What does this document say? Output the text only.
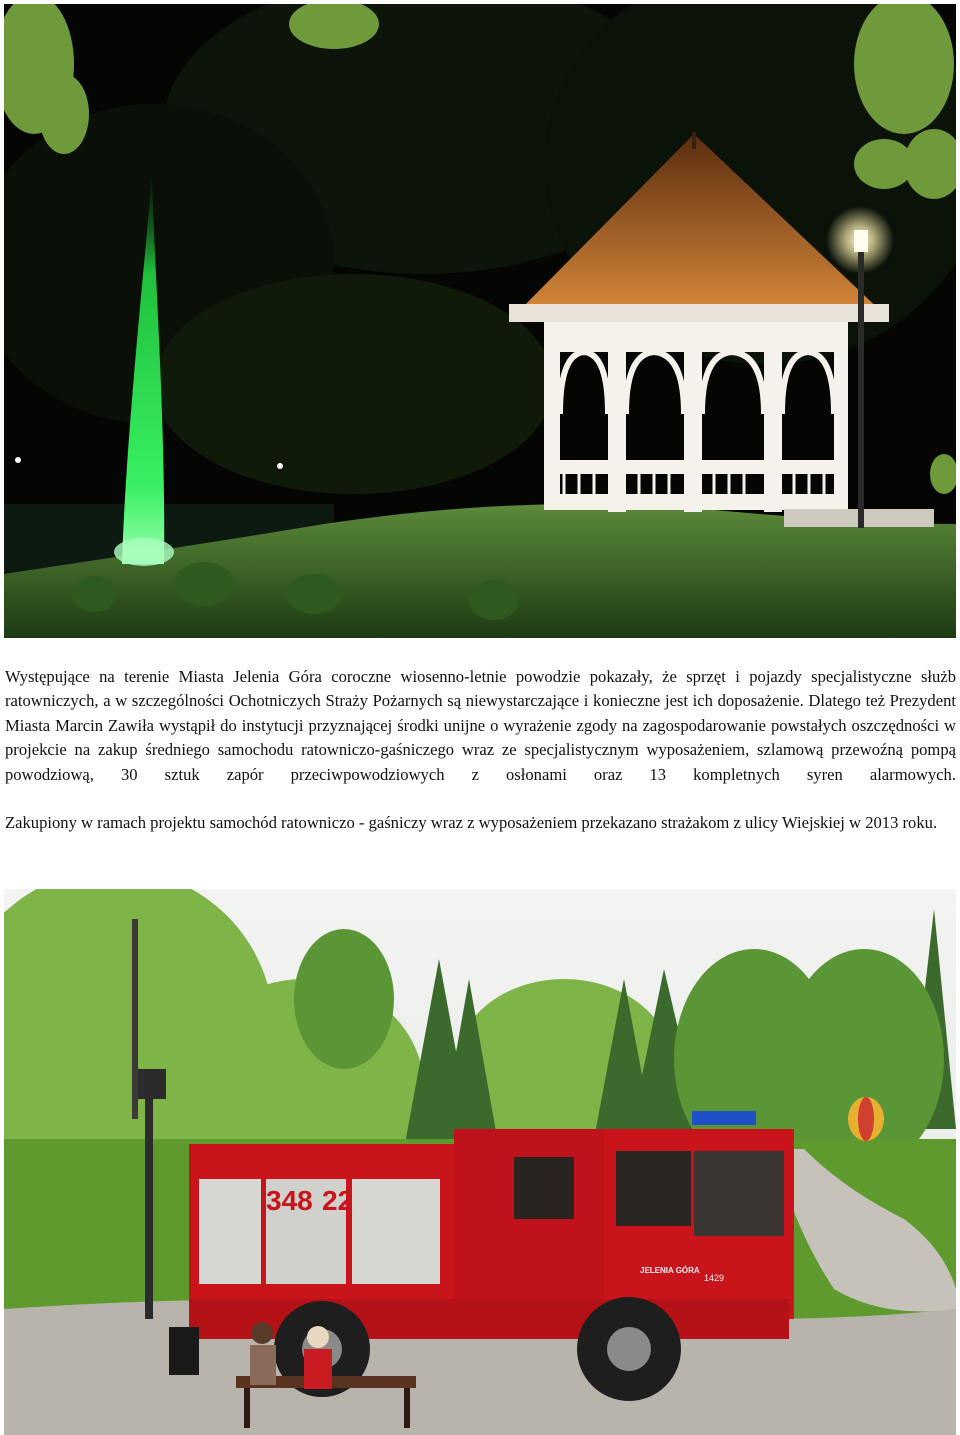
Występujące na terenie Miasta Jelenia Góra coroczne wiosenno-letnie powodzie pokazały, że sprzęt i pojazdy specjalistyczne służb ratowniczych, a w szczególności Ochotniczych Straży Pożarnych są niewystarczające i konieczne jest ich doposażenie. Dlatego też Prezydent Miasta Marcin Zawiła wystąpił do instytucji przyznającej środki unijne o wyrażenie zgody na zagospodarowanie powstałych oszczędności w projekcie na zakup średniego samochodu ratowniczo-gaśniczego wraz ze specjalistycznym wyposażeniem, szlamową przewoźną pompą powodziową, 30 sztuk zapór przeciwpowodziowych z osłonami oraz 13 kompletnych syren alarmowych.

Zakupiony w ramach projektu samochód ratowniczo - gaśniczy wraz z wyposażeniem przekazano strażakom z ulicy Wiejskiej w 2013 roku.

348 22
JELENIA GÓRA
1429
